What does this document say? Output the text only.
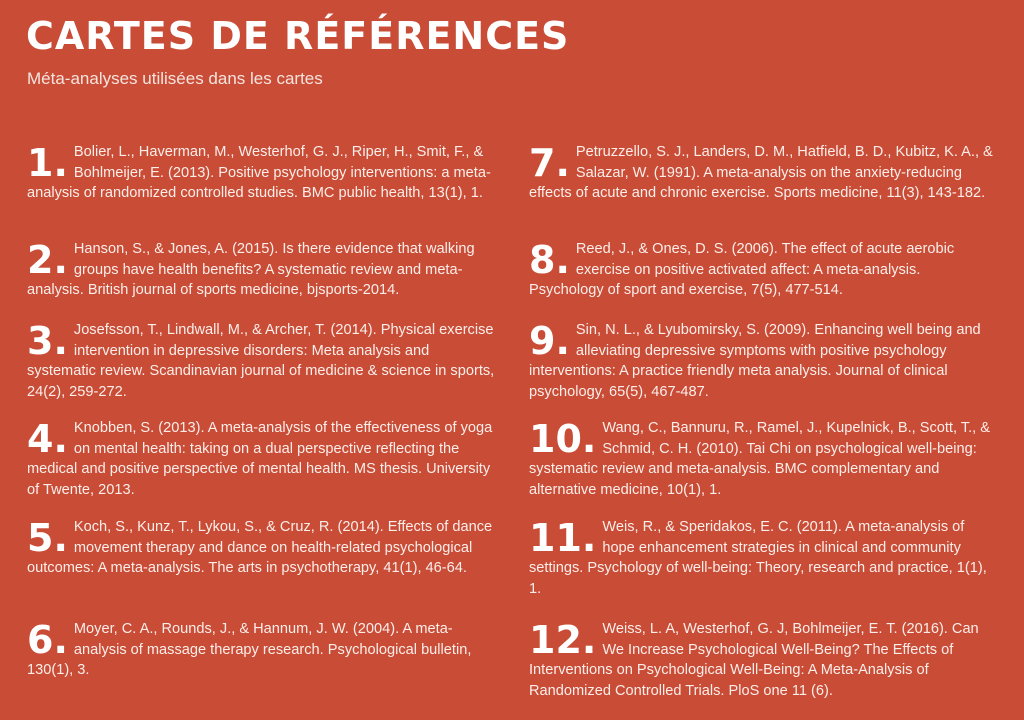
CARTES DE RÉFÉRENCES
Méta-analyses utilisées dans les cartes
1. Bolier, L., Haverman, M., Westerhof, G. J., Riper, H., Smit, F., & Bohlmeijer, E. (2013). Positive psychology interventions: a meta-analysis of randomized controlled studies. BMC public health, 13(1), 1.
2. Hanson, S., & Jones, A. (2015). Is there evidence that walking groups have health benefits? A systematic review and meta-analysis. British journal of sports medicine, bjsports-2014.
3. Josefsson, T., Lindwall, M., & Archer, T. (2014). Physical exercise intervention in depressive disorders: Meta analysis and systematic review. Scandinavian journal of medicine & science in sports, 24(2), 259-272.
4. Knobben, S. (2013). A meta-analysis of the effectiveness of yoga on mental health: taking on a dual perspective reflecting the medical and positive perspective of mental health. MS thesis. University of Twente, 2013.
5. Koch, S., Kunz, T., Lykou, S., & Cruz, R. (2014). Effects of dance movement therapy and dance on health-related psychological outcomes: A meta-analysis. The arts in psychotherapy, 41(1), 46-64.
6. Moyer, C. A., Rounds, J., & Hannum, J. W. (2004). A meta-analysis of massage therapy research. Psychological bulletin, 130(1), 3.
7. Petruzzello, S. J., Landers, D. M., Hatfield, B. D., Kubitz, K. A., & Salazar, W. (1991). A meta-analysis on the anxiety-reducing effects of acute and chronic exercise. Sports medicine, 11(3), 143-182.
8. Reed, J., & Ones, D. S. (2006). The effect of acute aerobic exercise on positive activated affect: A meta-analysis. Psychology of sport and exercise, 7(5), 477-514.
9. Sin, N. L., & Lyubomirsky, S. (2009). Enhancing well being and alleviating depressive symptoms with positive psychology interventions: A practice friendly meta analysis. Journal of clinical psychology, 65(5), 467-487.
10. Wang, C., Bannuru, R., Ramel, J., Kupelnick, B., Scott, T., & Schmid, C. H. (2010). Tai Chi on psychological well-being: systematic review and meta-analysis. BMC complementary and alternative medicine, 10(1), 1.
11. Weis, R., & Speridakos, E. C. (2011). A meta-analysis of hope enhancement strategies in clinical and community settings. Psychology of well-being: Theory, research and practice, 1(1), 1.
12. Weiss, L. A, Westerhof, G. J, Bohlmeijer, E. T. (2016). Can We Increase Psychological Well-Being? The Effects of Interventions on Psychological Well-Being: A Meta-Analysis of Randomized Controlled Trials. PloS one 11 (6).
